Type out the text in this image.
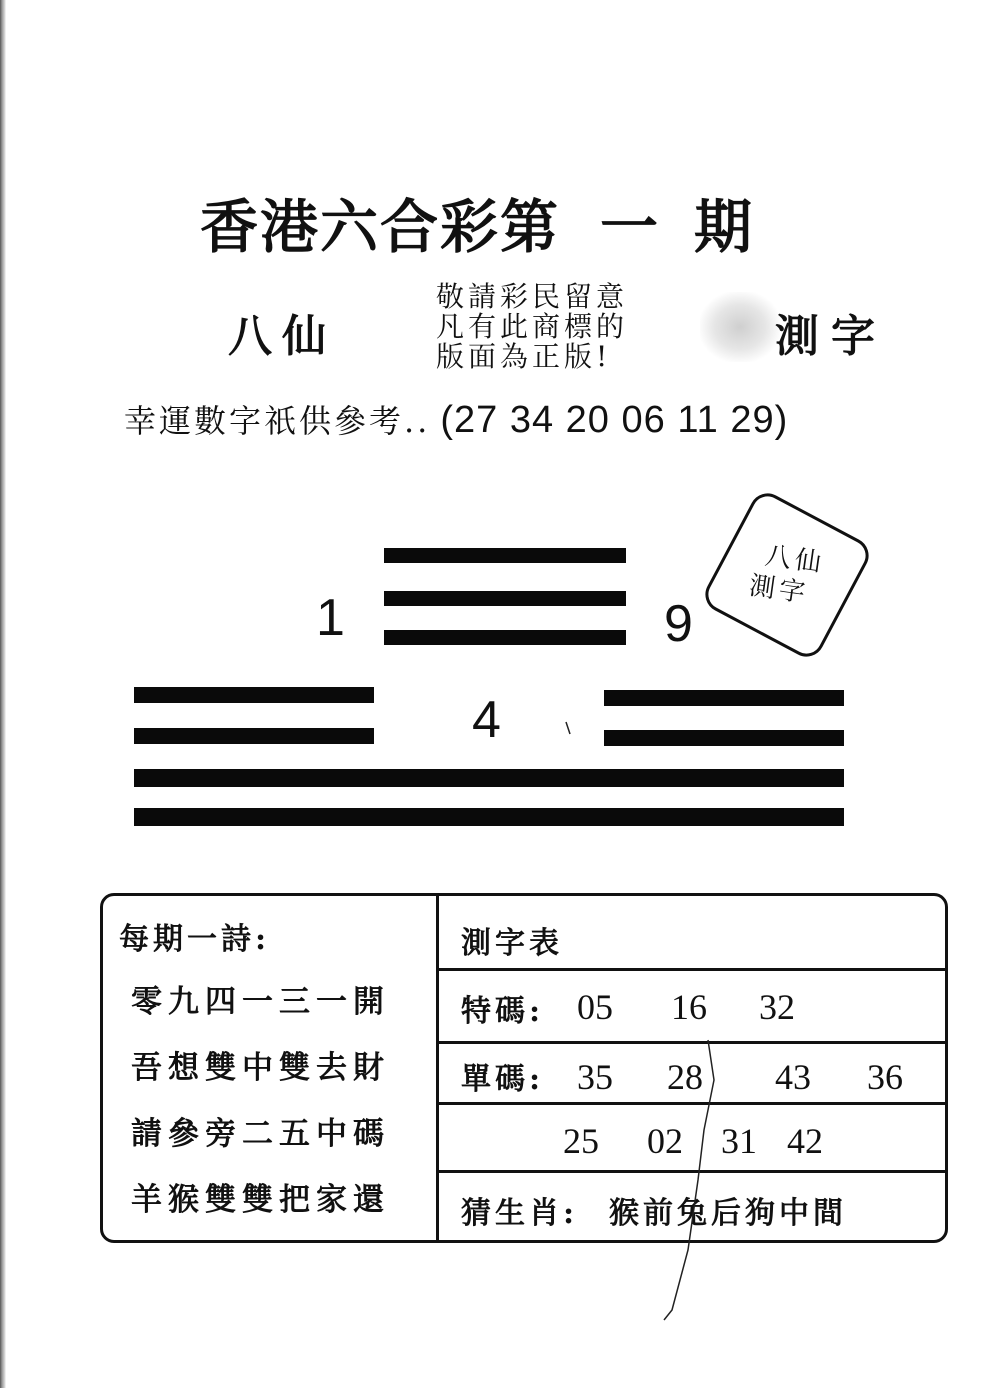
香港六合彩第 一期
八仙
敬請彩民留意
凡有此商標的
版面為正版!	測字
幸運數字祇供參考.. (27 34 20 06 11 29)
1	9
八仙
測字
4
每期一詩:
零九四一三一開
吾想雙中雙去財
請參旁二五中碼
羊猴雙雙把家還
測字表
特碼: 05 16 32
單碼: 35 28 43 36
25 02 31 42
猜生肖: 猴前兔后狗中間
